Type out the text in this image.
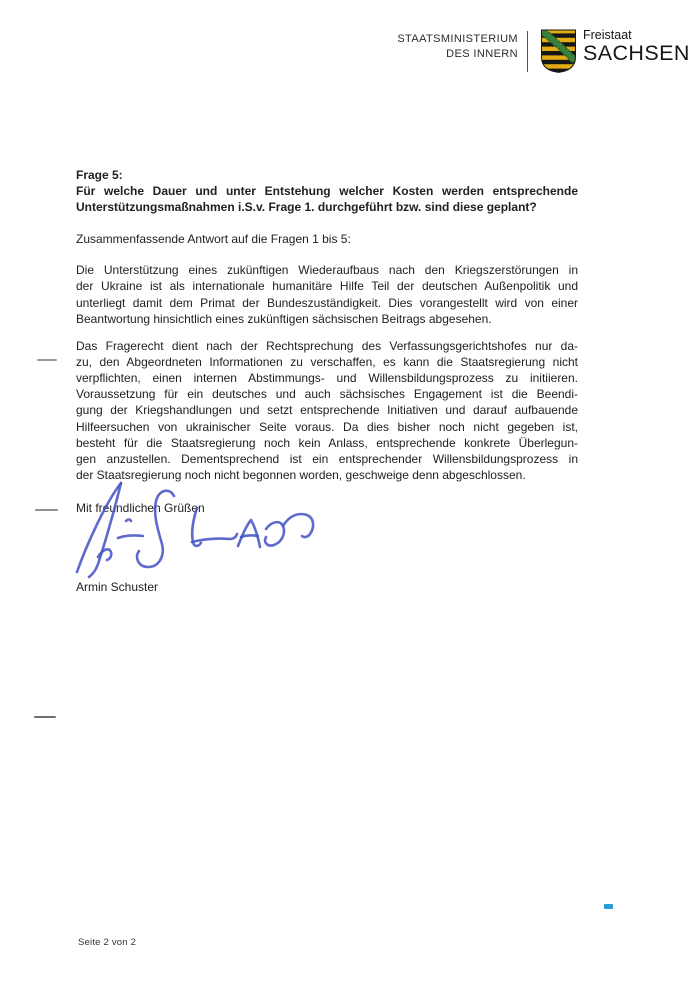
STAATSMINISTERIUM
DES INNERN
Freistaat
SACHSEN
Frage 5:
Für welche Dauer und unter Entstehung welcher Kosten werden entsprechende
Unterstützungsmaßnahmen i.S.v. Frage 1. durchgeführt bzw. sind diese geplant?
Zusammenfassende Antwort auf die Fragen 1 bis 5:
Die Unterstützung eines zukünftigen Wiederaufbaus nach den Kriegszerstörungen in
der Ukraine ist als internationale humanitäre Hilfe Teil der deutschen Außenpolitik und
unterliegt damit dem Primat der Bundeszuständigkeit. Dies vorangestellt wird von einer
Beantwortung hinsichtlich eines zukünftigen sächsischen Beitrags abgesehen.
Das Fragerecht dient nach der Rechtsprechung des Verfassungsgerichtshofes nur da-
zu, den Abgeordneten Informationen zu verschaffen, es kann die Staatsregierung nicht
verpflichten, einen internen Abstimmungs- und Willensbildungsprozess zu initiieren.
Voraussetzung für ein deutsches und auch sächsisches Engagement ist die Beendi-
gung der Kriegshandlungen und setzt entsprechende Initiativen und darauf aufbauende
Hilfeersuchen von ukrainischer Seite voraus. Da dies bisher noch nicht gegeben ist,
besteht für die Staatsregierung noch kein Anlass, entsprechende konkrete Überlegun-
gen anzustellen. Dementsprechend ist ein entsprechender Willensbildungsprozess in
der Staatsregierung noch nicht begonnen worden, geschweige denn abgeschlossen.
Mit freundlichen Grüßen
Armin Schuster
Seite 2 von 2
